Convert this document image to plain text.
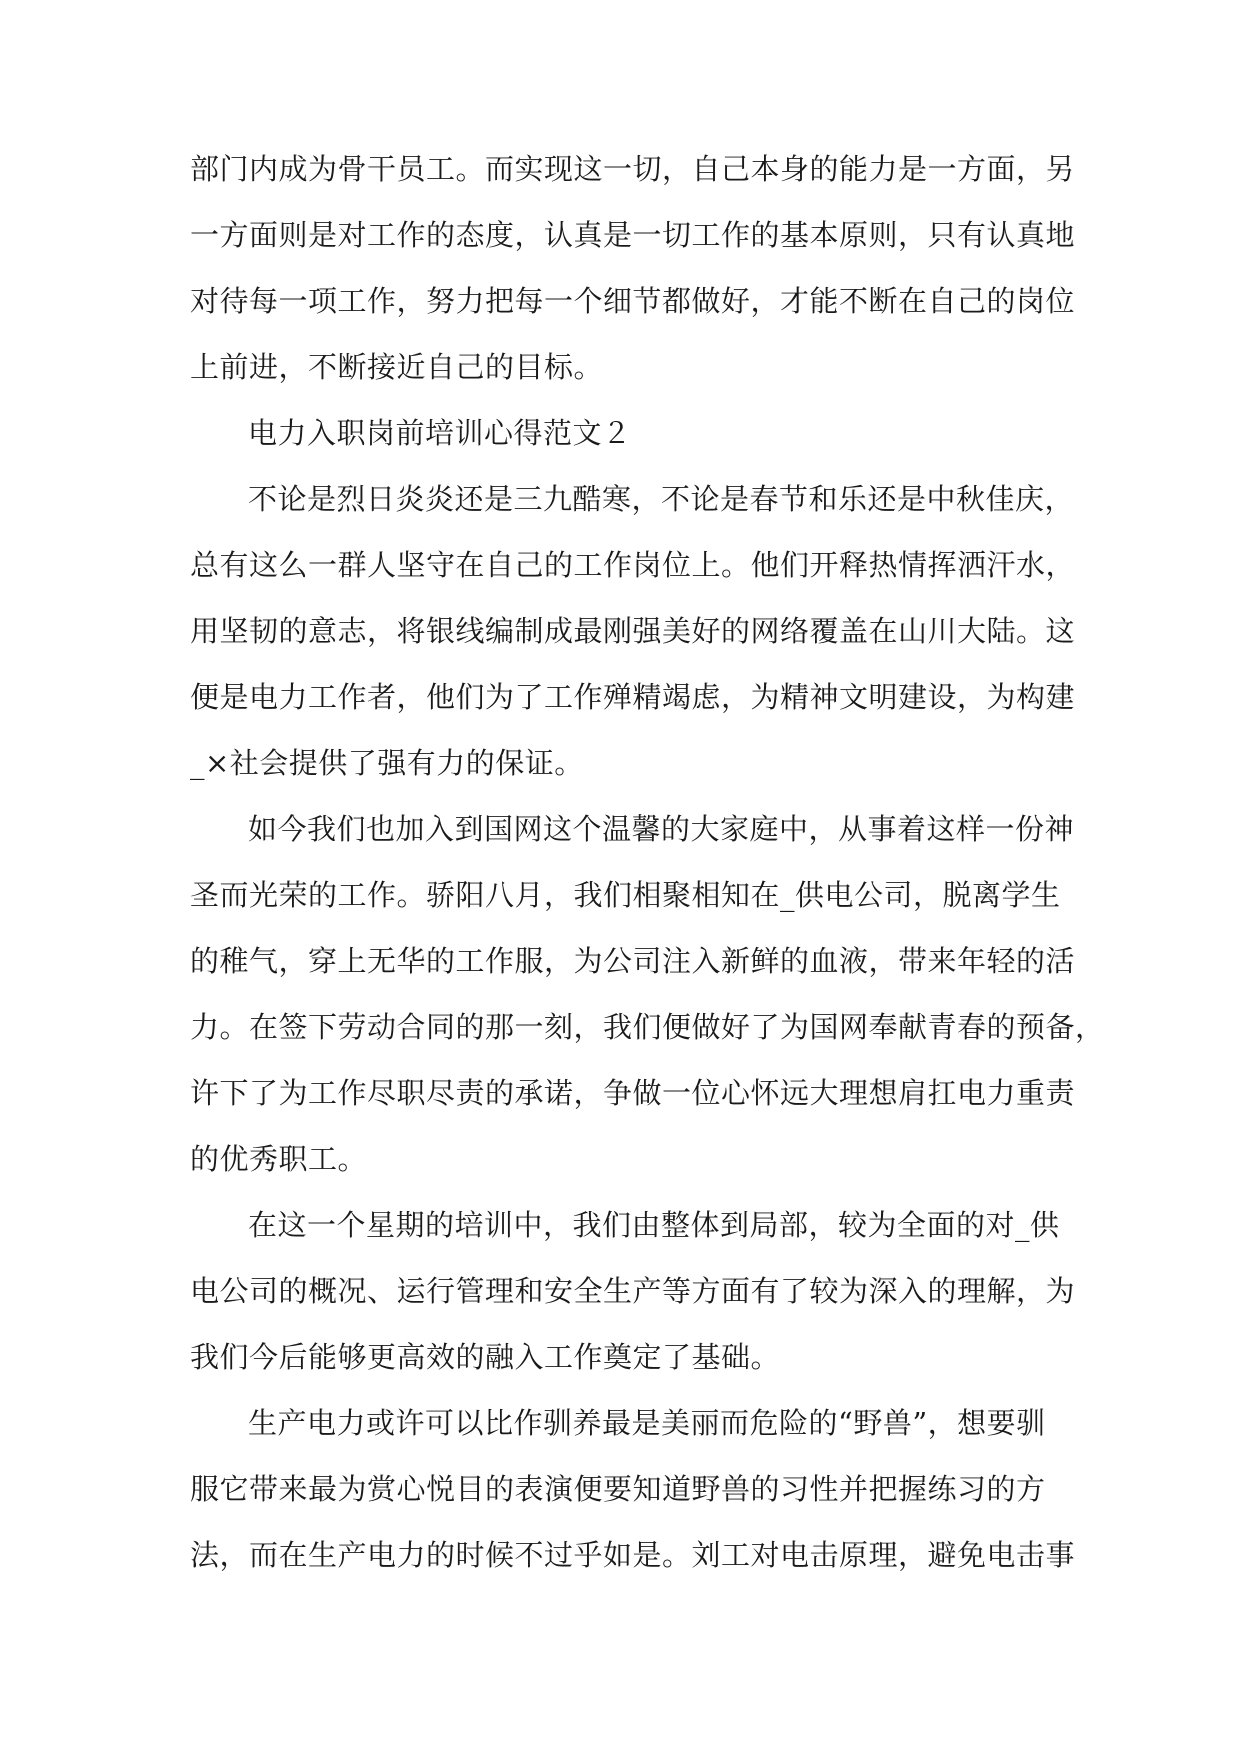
部门内成为骨干员工。而实现这一切，自己本身的能力是一方面，另
一方面则是对工作的态度，认真是一切工作的基本原则，只有认真地
对待每一项工作，努力把每一个细节都做好，才能不断在自己的岗位
上前进，不断接近自己的目标。
电力入职岗前培训心得范文２
不论是烈日炎炎还是三九酷寒，不论是春节和乐还是中秋佳庆，
总有这么一群人坚守在自己的工作岗位上。他们开释热情挥洒汗水，
用坚韧的意志，将银线编制成最刚强美好的网络覆盖在山川大陆。这
便是电力工作者，他们为了工作殚精竭虑，为精神文明建设，为构建
_×社会提供了强有力的保证。
如今我们也加入到国网这个温馨的大家庭中，从事着这样一份神
圣而光荣的工作。骄阳八月，我们相聚相知在_供电公司，脱离学生
的稚气，穿上无华的工作服，为公司注入新鲜的血液，带来年轻的活
力。在签下劳动合同的那一刻，我们便做好了为国网奉献青春的预备，
许下了为工作尽职尽责的承诺，争做一位心怀远大理想肩扛电力重责
的优秀职工。
在这一个星期的培训中，我们由整体到局部，较为全面的对_供
电公司的概况、运行管理和安全生产等方面有了较为深入的理解，为
我们今后能够更高效的融入工作奠定了基础。
生产电力或许可以比作驯养最是美丽而危险的“野兽”，想要驯
服它带来最为赏心悦目的表演便要知道野兽的习性并把握练习的方
法，而在生产电力的时候不过乎如是。刘工对电击原理，避免电击事
